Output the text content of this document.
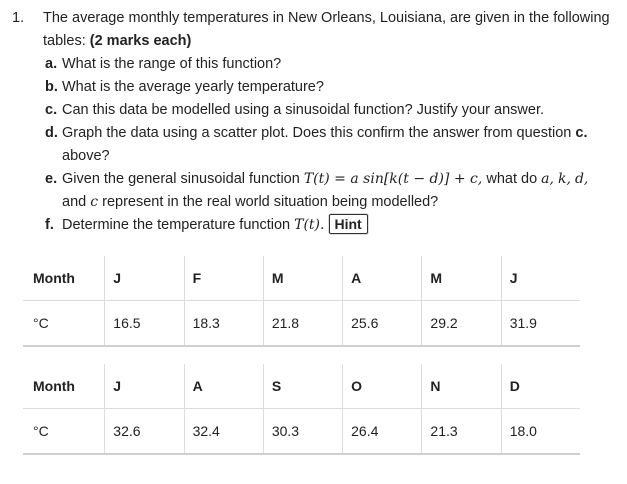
1.	The average monthly temperatures in New Orleans, Louisiana, are given in the following tables: (2 marks each)
a. What is the range of this function?
b. What is the average yearly temperature?
c. Can this data be modelled using a sinusoidal function? Justify your answer.
d. Graph the data using a scatter plot. Does this confirm the answer from question c. above?
e. Given the general sinusoidal function T(t) = a sin[k(t − d)] + c, what do a, k, d, and c represent in the real world situation being modelled?
f. Determine the temperature function T(t). Hint
Month	J	F	M	A	M	J
°C	16.5	18.3	21.8	25.6	29.2	31.9
Month	J	A	S	O	N	D
°C	32.6	32.4	30.3	26.4	21.3	18.0
